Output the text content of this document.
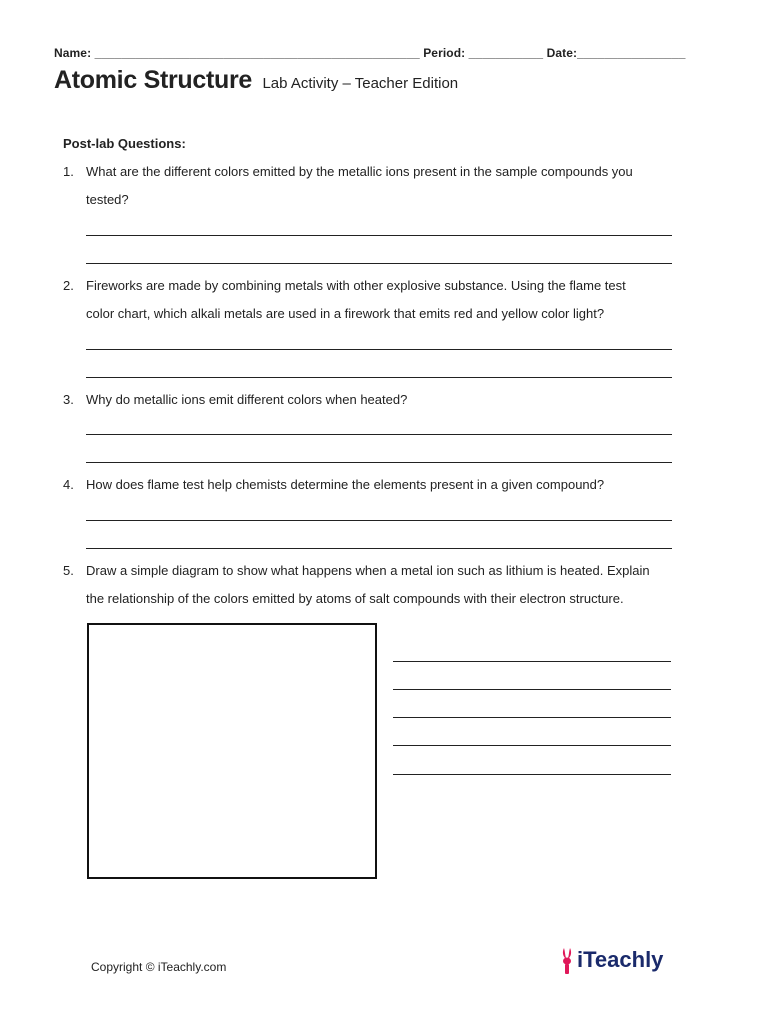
Name: ________________________________________________ Period: ___________ Date:________________
Atomic Structure Lab Activity – Teacher Edition
Post-lab Questions:
1. What are the different colors emitted by the metallic ions present in the sample compounds you
tested?
2. Fireworks are made by combining metals with other explosive substance. Using the flame test
color chart, which alkali metals are used in a firework that emits red and yellow color light?
3. Why do metallic ions emit different colors when heated?
4. How does flame test help chemists determine the elements present in a given compound?
5. Draw a simple diagram to show what happens when a metal ion such as lithium is heated. Explain
the relationship of the colors emitted by atoms of salt compounds with their electron structure.
Copyright © iTeachly.com	iTeachly
